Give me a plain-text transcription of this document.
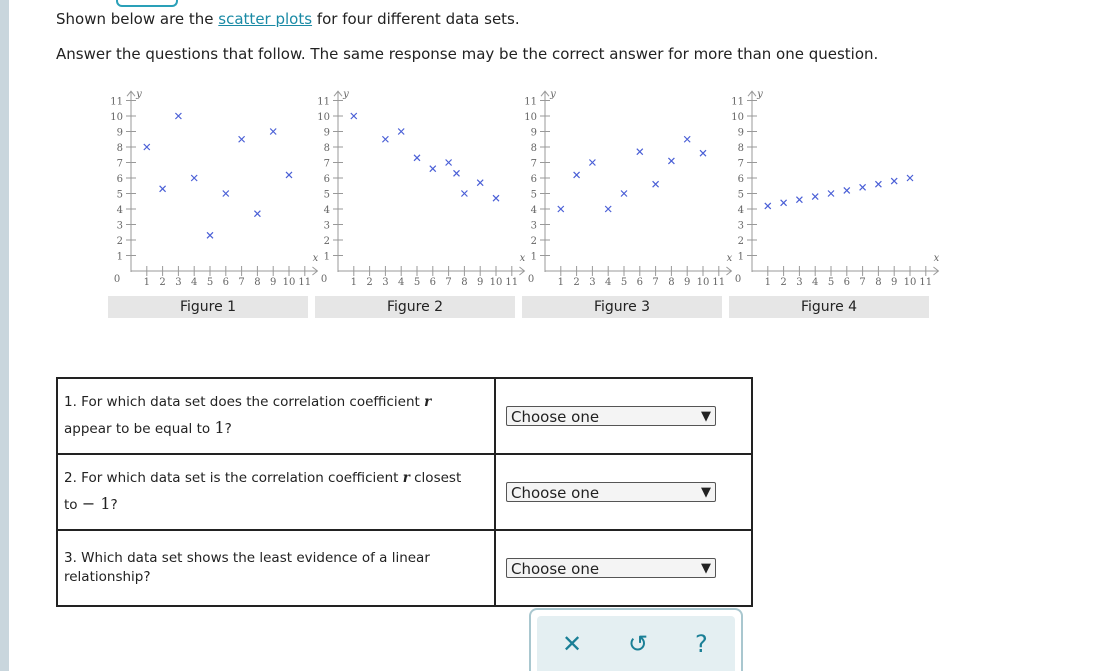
Shown below are the scatter plots for four different data sets.
Answer the questions that follow. The same response may be the correct answer for more than one question.
1
1
2
2
3
3
4
4
5
5
6
6
7
7
8
8
9
9
10
10
11
11
0
y
x
1
1
2
2
3
3
4
4
5
5
6
6
7
7
8
8
9
9
10
10
11
11
0
y
x
1
1
2
2
3
3
4
4
5
5
6
6
7
7
8
8
9
9
10
10
11
11
0
y
x
1
1
2
2
3
3
4
4
5
5
6
6
7
7
8
8
9
9
10
10
11
11
0
y
x
Figure 1	Figure 2	Figure 3	Figure 4
1. For which data set does the correlation coefficient r
appear to be equal to 1?	Choose one ▼

2. For which data set is the correlation coefficient r closest
to − 1?	Choose one ▼

3. Which data set shows the least evidence of a linear relationship?	Choose one ▼
✕ ↺ ?
